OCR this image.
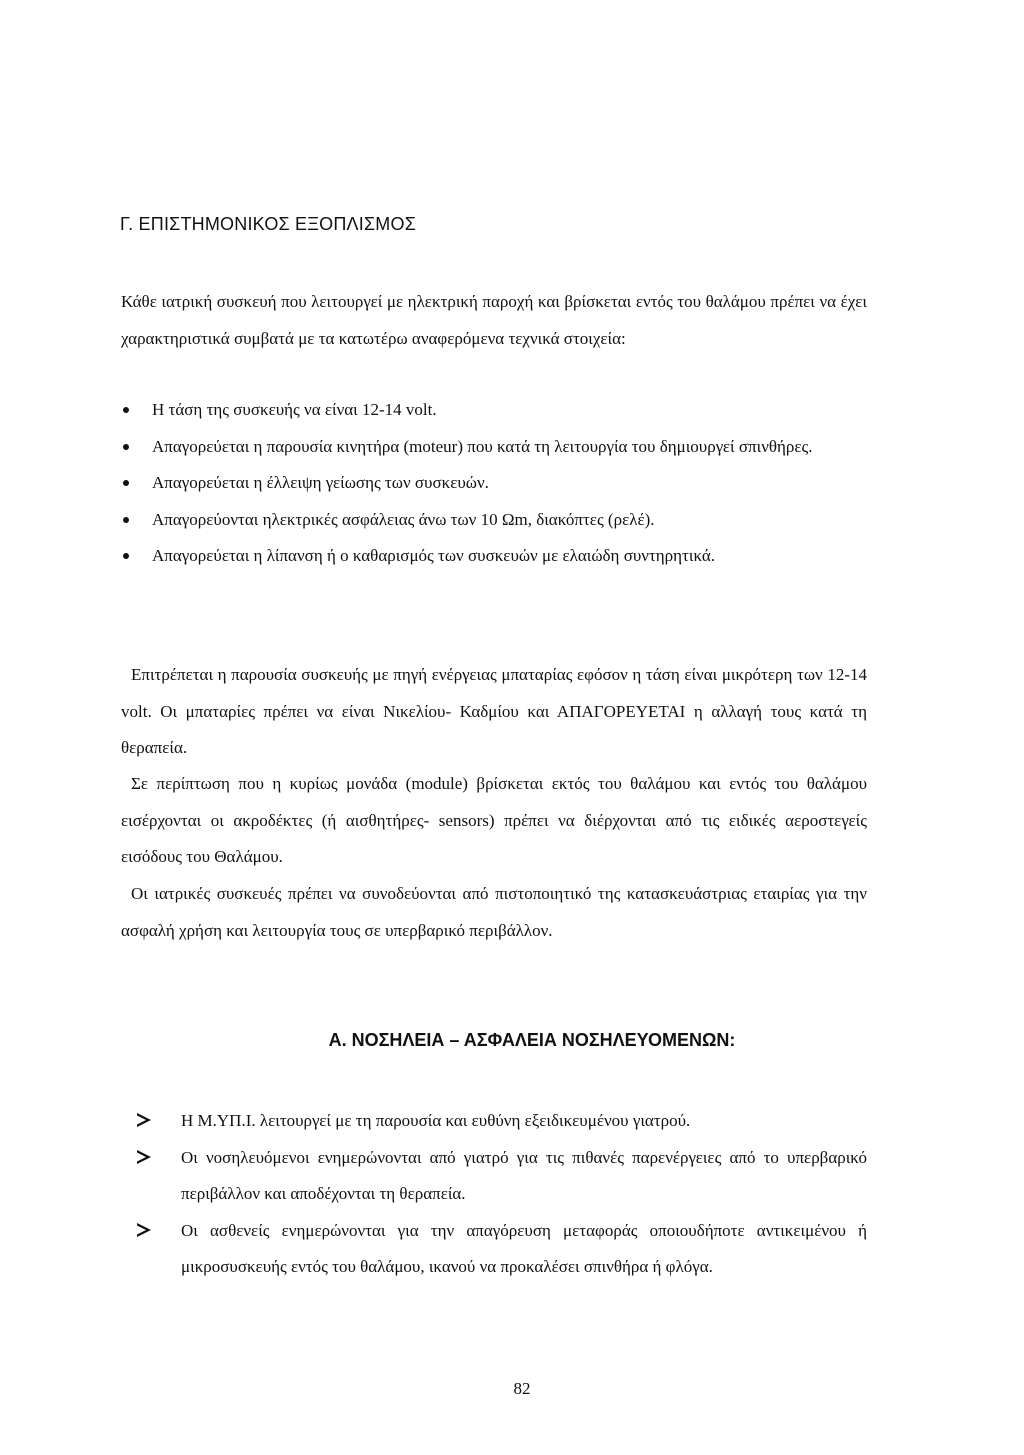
Γ. ΕΠΙΣΤΗΜΟΝΙΚΟΣ ΕΞΟΠΛΙΣΜΟΣ
Κάθε ιατρική συσκευή που λειτουργεί με ηλεκτρική παροχή και βρίσκεται εντός του θαλάμου πρέπει να έχει χαρακτηριστικά συμβατά με τα κατωτέρω αναφερόμενα τεχνικά στοιχεία:
Η τάση της συσκευής να είναι 12-14 volt.
Απαγορεύεται η παρουσία κινητήρα (moteur) που κατά τη λειτουργία του δημιουργεί σπινθήρες.
Απαγορεύεται η έλλειψη γείωσης των συσκευών.
Απαγορεύονται ηλεκτρικές ασφάλειας άνω των 10 Ωm, διακόπτες (ρελέ).
Απαγορεύεται η λίπανση ή ο καθαρισμός των συσκευών με ελαιώδη συντηρητικά.
Επιτρέπεται η παρουσία συσκευής με πηγή ενέργειας μπαταρίας εφόσον η τάση είναι μικρότερη των 12-14 volt. Οι μπαταρίες πρέπει να είναι Νικελίου- Καδμίου και ΑΠΑΓΟΡΕΥΕΤΑΙ η αλλαγή τους κατά τη θεραπεία.
Σε περίπτωση που η κυρίως μονάδα (module) βρίσκεται εκτός του θαλάμου και εντός του θαλάμου εισέρχονται οι ακροδέκτες (ή αισθητήρες- sensors) πρέπει να διέρχονται από τις ειδικές αεροστεγείς εισόδους του Θαλάμου.
Οι ιατρικές συσκευές πρέπει να συνοδεύονται από πιστοποιητικό της κατασκευάστριας εταιρίας για την ασφαλή χρήση και λειτουργία τους σε υπερβαρικό περιβάλλον.
Α. ΝΟΣΗΛΕΙΑ – ΑΣΦΑΛΕΙΑ ΝΟΣΗΛΕΥΟΜΕΝΩΝ:
Η Μ.ΥΠ.Ι. λειτουργεί με τη παρουσία και ευθύνη εξειδικευμένου γιατρού.
Οι νοσηλευόμενοι ενημερώνονται από γιατρό για τις πιθανές παρενέργειες από το υπερβαρικό περιβάλλον και αποδέχονται τη θεραπεία.
Οι ασθενείς ενημερώνονται για την απαγόρευση μεταφοράς οποιουδήποτε αντικειμένου ή μικροσυσκευής εντός του θαλάμου, ικανού να προκαλέσει σπινθήρα ή φλόγα.
82
